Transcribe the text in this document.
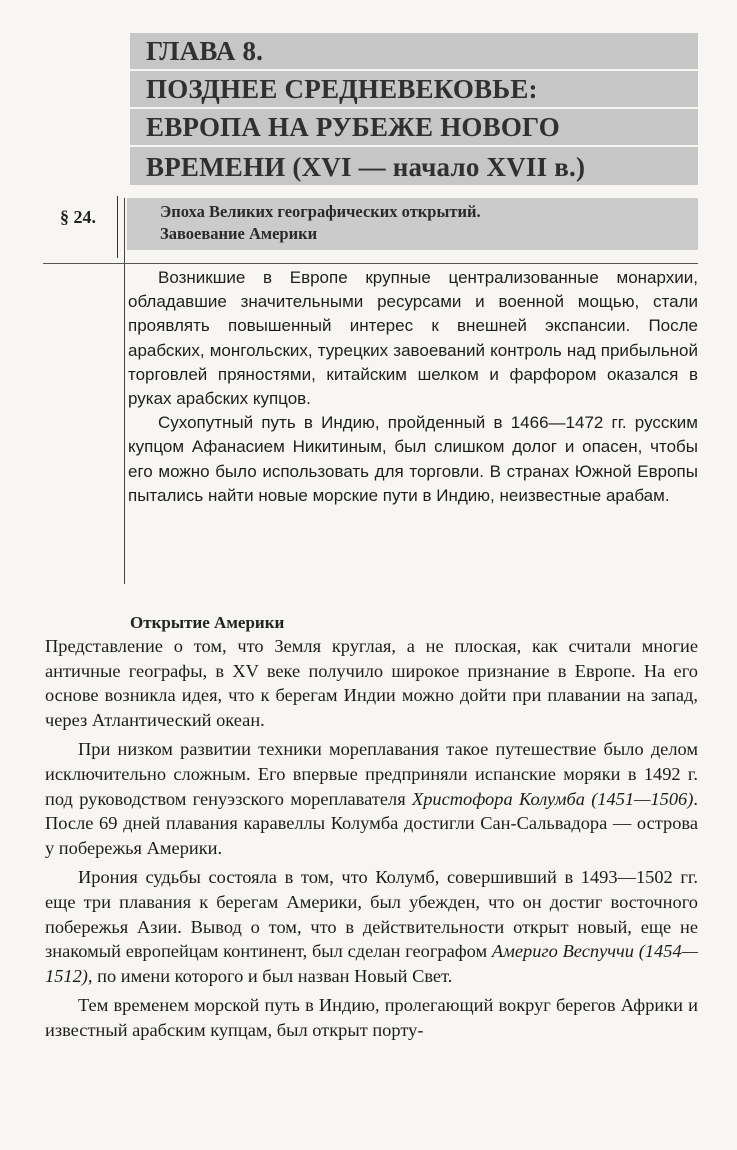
ГЛАВА 8.
ПОЗДНЕЕ СРЕДНЕВЕКОВЬЕ:
ЕВРОПА НА РУБЕЖЕ НОВОГО
ВРЕМЕНИ (XVI — начало XVII в.)
§ 24.	Эпоха Великих географических открытий.
Завоевание Америки

Возникшие в Европе крупные централизованные монархии, обладавшие значительными ресурсами и военной мощью, стали проявлять повышенный интерес к внешней экспансии. После арабских, монгольских, турецких завоеваний контроль над прибыльной торговлей пряностями, китайским шелком и фарфором оказался в руках арабских купцов.

Сухопутный путь в Индию, пройденный в 1466—1472 гг. русским купцом Афанасием Никитиным, был слишком долог и опасен, чтобы его можно было использовать для торговли. В странах Южной Европы пытались найти новые морские пути в Индию, неизвестные арабам.

Открытие Америки

Представление о том, что Земля круглая, а не плоская, как считали многие античные географы, в XV веке получило широкое признание в Европе. На его основе возникла идея, что к берегам Индии можно дойти при плавании на запад, через Атлантический океан.

При низком развитии техники мореплавания такое путешествие было делом исключительно сложным. Его впервые предприняли испанские моряки в 1492 г. под руководством генуэзского мореплавателя Христофора Колумба (1451—1506). После 69 дней плавания каравеллы Колумба достигли Сан-Сальвадора — острова у побережья Америки.

Ирония судьбы состояла в том, что Колумб, совершивший в 1493—1502 гг. еще три плавания к берегам Америки, был убежден, что он достиг восточного побережья Азии. Вывод о том, что в действительности открыт новый, еще не знакомый европейцам континент, был сделан географом Америго Веспуччи (1454—1512), по имени которого и был назван Новый Свет.

Тем временем морской путь в Индию, пролегающий вокруг берегов Африки и известный арабским купцам, был открыт порту-
